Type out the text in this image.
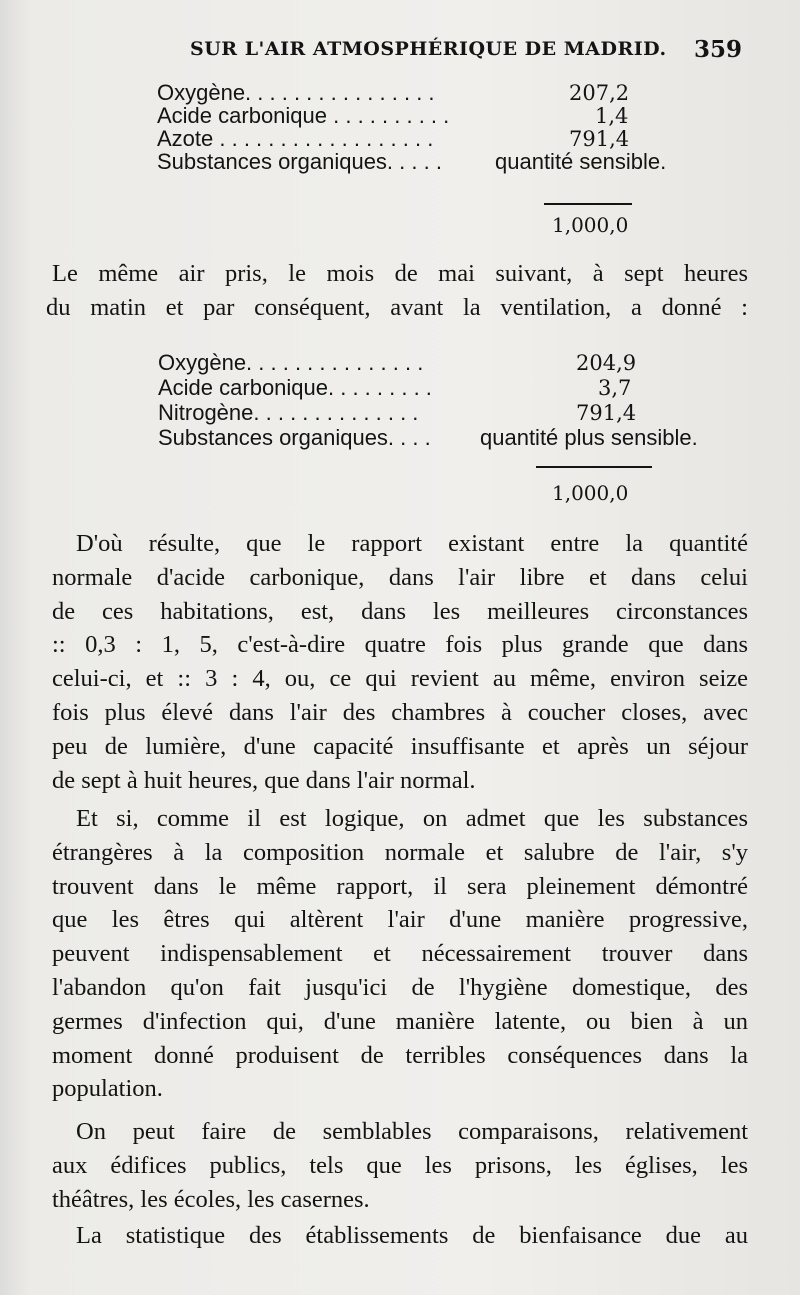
SUR L'AIR ATMOSPHÉRIQUE DE MADRID. 359
Oxygène. . . . . . . . . . . . . . . .	207,2
Acide carbonique . . . . . . . . . .	1,4
Azote . . . . . . . . . . . . . . . . . .	791,4
Substances organiques. . . . . quantité sensible.
1,000,0
Le même air pris, le mois de mai suivant, à sept heures
du matin et par conséquent, avant la ventilation, a donné :
Oxygène. . . . . . . . . . . . . . .	204,9
Acide carbonique. . . . . . . . .	3,7
Nitrogène. . . . . . . . . . . . . .	791,4
Substances organiques. . . . quantité plus sensible.
1,000,0
D'où résulte, que le rapport existant entre la quantité
normale d'acide carbonique, dans l'air libre et dans celui
de ces habitations, est, dans les meilleures circonstances
:: 0,3 : 1, 5, c'est-à-dire quatre fois plus grande que dans
celui-ci, et :: 3 : 4, ou, ce qui revient au même, environ seize
fois plus élevé dans l'air des chambres à coucher closes, avec
peu de lumière, d'une capacité insuffisante et après un séjour
de sept à huit heures, que dans l'air normal.
Et si, comme il est logique, on admet que les substances
étrangères à la composition normale et salubre de l'air, s'y
trouvent dans le même rapport, il sera pleinement démontré
que les êtres qui altèrent l'air d'une manière progressive,
peuvent indispensablement et nécessairement trouver dans
l'abandon qu'on fait jusqu'ici de l'hygiène domestique, des
germes d'infection qui, d'une manière latente, ou bien à un
moment donné produisent de terribles conséquences dans la
population.
On peut faire de semblables comparaisons, relativement
aux édifices publics, tels que les prisons, les églises, les
théâtres, les écoles, les casernes.
La statistique des établissements de bienfaisance due au
